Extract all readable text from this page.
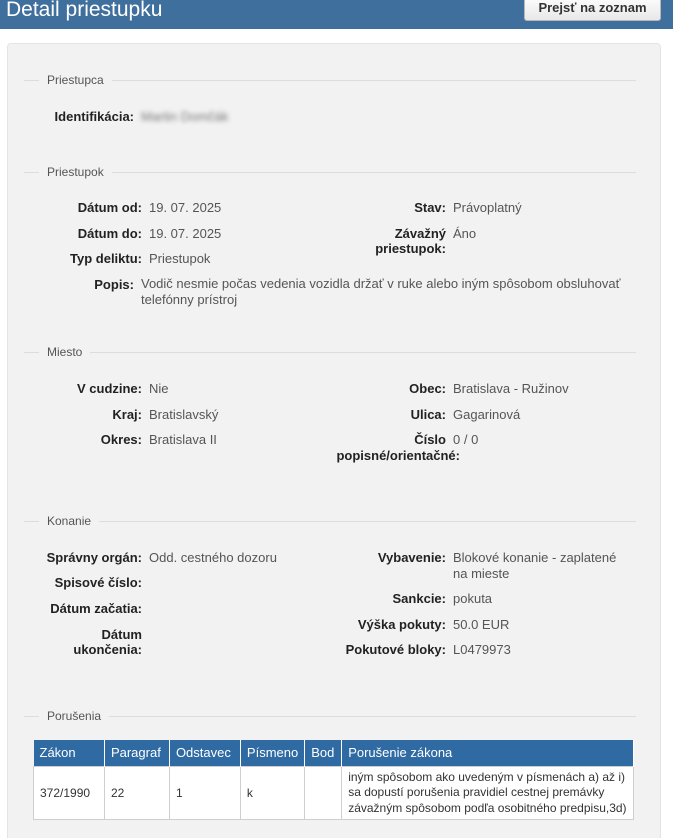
Detail priestupku	Prejsť na zoznam
Priestupca
Identifikácia: Martin Domčák
Priestupok
Dátum od: 19. 07. 2025
Dátum do: 19. 07. 2025
Typ deliktu: Priestupok
Popis: Vodič nesmie počas vedenia vozidla držať v ruke alebo iným spôsobom obsluhovať telefónny prístroj
Stav: Právoplatný
Závažný
priestupok:
Áno
Miesto
V cudzine: Nie
Kraj: Bratislavský
Okres: Bratislava II
Obec: Bratislava - Ružinov
Ulica: Gagarinová
Číslo
popisné/orientačné:
0 / 0
Konanie
Správny orgán: Odd. cestného dozoru
Spisové číslo:
Dátum začatia:
Dátum
ukončenia:
Vybavenie: Blokové konanie - zaplatené na mieste
Sankcie: pokuta
Výška pokuty: 50.0 EUR
Pokutové bloky: L0479973
Porušenia
Zákon	Paragraf	Odstavec	Písmeno	Bod	Porušenie zákona
372/1990	22	1	k		iným spôsobom ako uvedeným v písmenách a) až i) sa dopustí porušenia pravidiel cestnej premávky závažným spôsobom podľa osobitného predpisu,3d)
